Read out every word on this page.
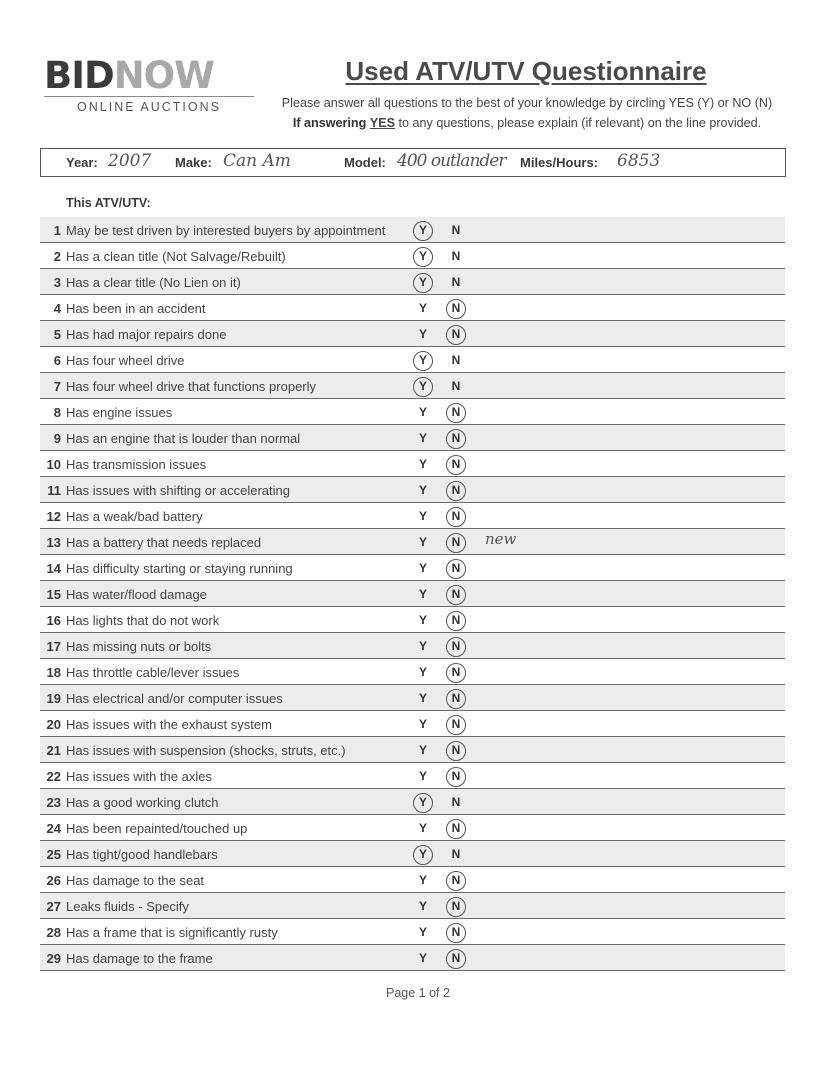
BIDNOW
ONLINE AUCTIONS
Used ATV/UTV Questionnaire
Please answer all questions to the best of your knowledge by circling YES (Y) or NO (N)
If answering YES to any questions, please explain (if relevant) on the line provided.
Year: 2007 Make: Can Am	Model: 400 outlander Miles/Hours: 6853
This ATV/UTV:
1 May be test driven by interested buyers by appointment	Y N
2 Has a clean title (Not Salvage/Rebuilt)	Y N
3 Has a clear title (No Lien on it)	Y N
4 Has been in an accident	Y N
5 Has had major repairs done	Y N
6 Has four wheel drive	Y N
7 Has four wheel drive that functions properly	Y N
8 Has engine issues	Y N
9 Has an engine that is louder than normal	Y N
10 Has transmission issues	Y N
11 Has issues with shifting or accelerating	Y N
12 Has a weak/bad battery	Y N
13 Has a battery that needs replaced	Y N new
14 Has difficulty starting or staying running	Y N
15 Has water/flood damage	Y N
16 Has lights that do not work	Y N
17 Has missing nuts or bolts	Y N
18 Has throttle cable/lever issues	Y N
19 Has electrical and/or computer issues	Y N
20 Has issues with the exhaust system	Y N
21 Has issues with suspension (shocks, struts, etc.)	Y N
22 Has issues with the axles	Y N
23 Has a good working clutch	Y N
24 Has been repainted/touched up	Y N
25 Has tight/good handlebars	Y N
26 Has damage to the seat	Y N
27 Leaks fluids - Specify	Y N
28 Has a frame that is significantly rusty	Y N
29 Has damage to the frame	Y N
Page 1 of 2
